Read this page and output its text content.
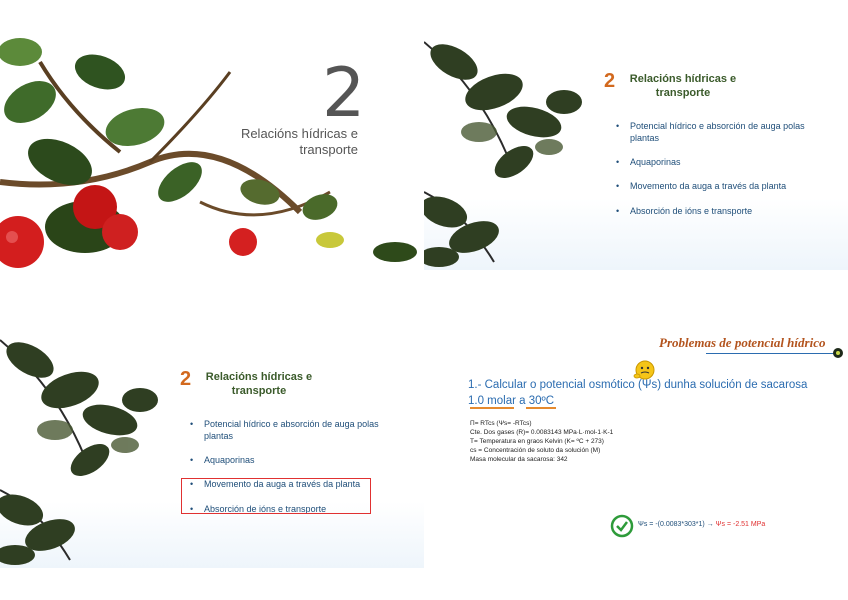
2
Relacións hídricas e
transporte
2	Relacións hídricas e
transporte
• Potencial hídrico e absorción de auga polas plantas
• Aquaporinas
• Movemento da auga a través da planta
• Absorción de ións e transporte
2	Relacións hídricas e
transporte
• Potencial hídrico e absorción de auga polas plantas
• Aquaporinas
• Movemento da auga a través da planta
• Absorción de ións e transporte
Problemas de potencial hídrico
1.- Calcular o potencial osmótico (Ψs) dunha solución de sacarosa
1.0 molar a 30ºC
Π= RTcs (Ψs= -RTcs)
Cte. Dos gases (R)= 0.0083143 MPa·L·mol-1·K-1
T= Temperatura en graos Kelvin (K= ºC + 273)
cs = Concentración de soluto da solución (M)
Masa molecular da sacarosa: 342
Ψs = -(0.0083*303*1) → Ψs = -2.51 MPa
